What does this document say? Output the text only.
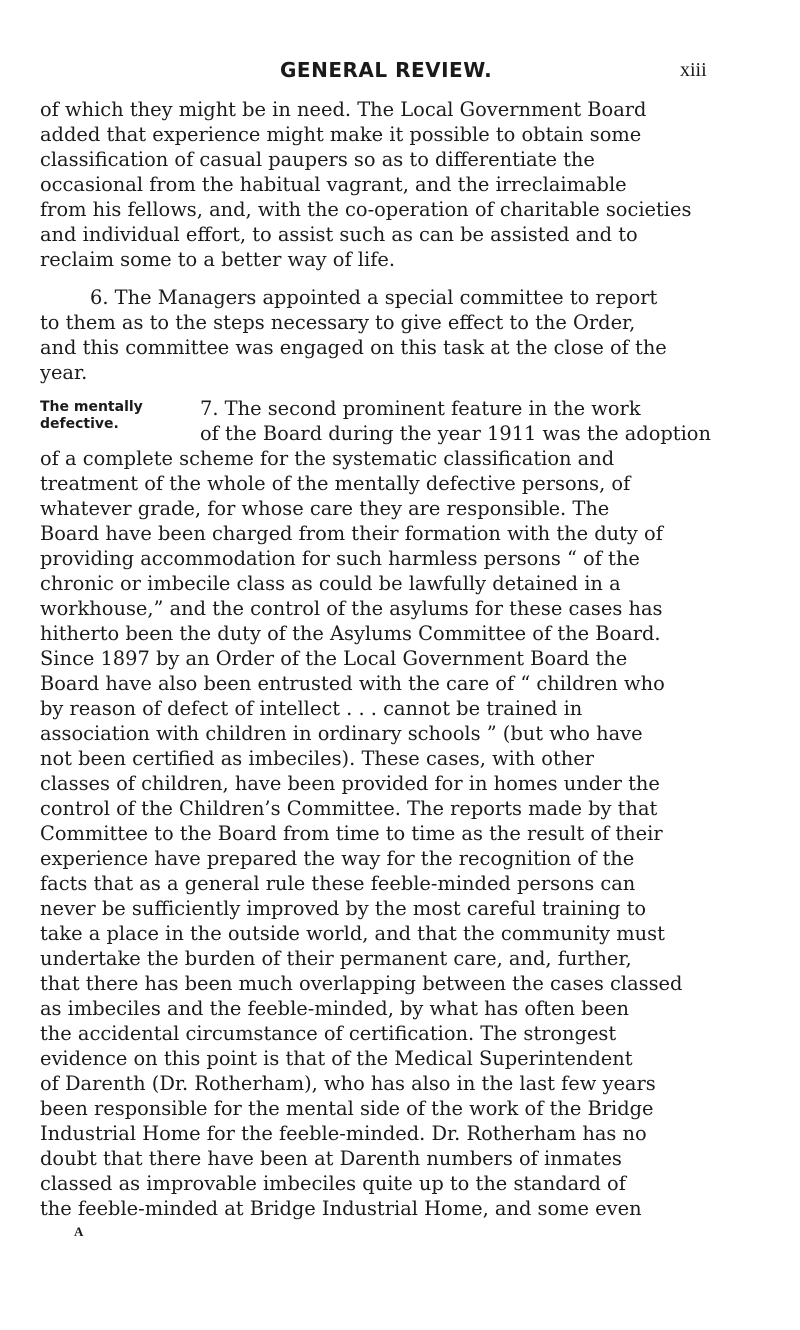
GENERAL REVIEW.	xiii
of which they might be in need. The Local Government Board
added that experience might make it possible to obtain some
classification of casual paupers so as to differentiate the
occasional from the habitual vagrant, and the irreclaimable
from his fellows, and, with the co-operation of charitable societies
and individual effort, to assist such as can be assisted and to
reclaim some to a better way of life.
6. The Managers appointed a special committee to report
to them as to the steps necessary to give effect to the Order,
and this committee was engaged on this task at the close of the
year.
The mentally
defective.
7. The second prominent feature in the work
of the Board during the year 1911 was the adoption
of a complete scheme for the systematic classification and
treatment of the whole of the mentally defective persons, of
whatever grade, for whose care they are responsible. The
Board have been charged from their formation with the duty of
providing accommodation for such harmless persons “ of the
chronic or imbecile class as could be lawfully detained in a
workhouse,” and the control of the asylums for these cases has
hitherto been the duty of the Asylums Committee of the Board.
Since 1897 by an Order of the Local Government Board the
Board have also been entrusted with the care of “ children who
by reason of defect of intellect . . . cannot be trained in
association with children in ordinary schools ” (but who have
not been certified as imbeciles). These cases, with other
classes of children, have been provided for in homes under the
control of the Children’s Committee. The reports made by that
Committee to the Board from time to time as the result of their
experience have prepared the way for the recognition of the
facts that as a general rule these feeble-minded persons can
never be sufficiently improved by the most careful training to
take a place in the outside world, and that the community must
undertake the burden of their permanent care, and, further,
that there has been much overlapping between the cases classed
as imbeciles and the feeble-minded, by what has often been
the accidental circumstance of certification. The strongest
evidence on this point is that of the Medical Superintendent
of Darenth (Dr. Rotherham), who has also in the last few years
been responsible for the mental side of the work of the Bridge
Industrial Home for the feeble-minded. Dr. Rotherham has no
doubt that there have been at Darenth numbers of inmates
classed as improvable imbeciles quite up to the standard of
the feeble-minded at Bridge Industrial Home, and some even
A
